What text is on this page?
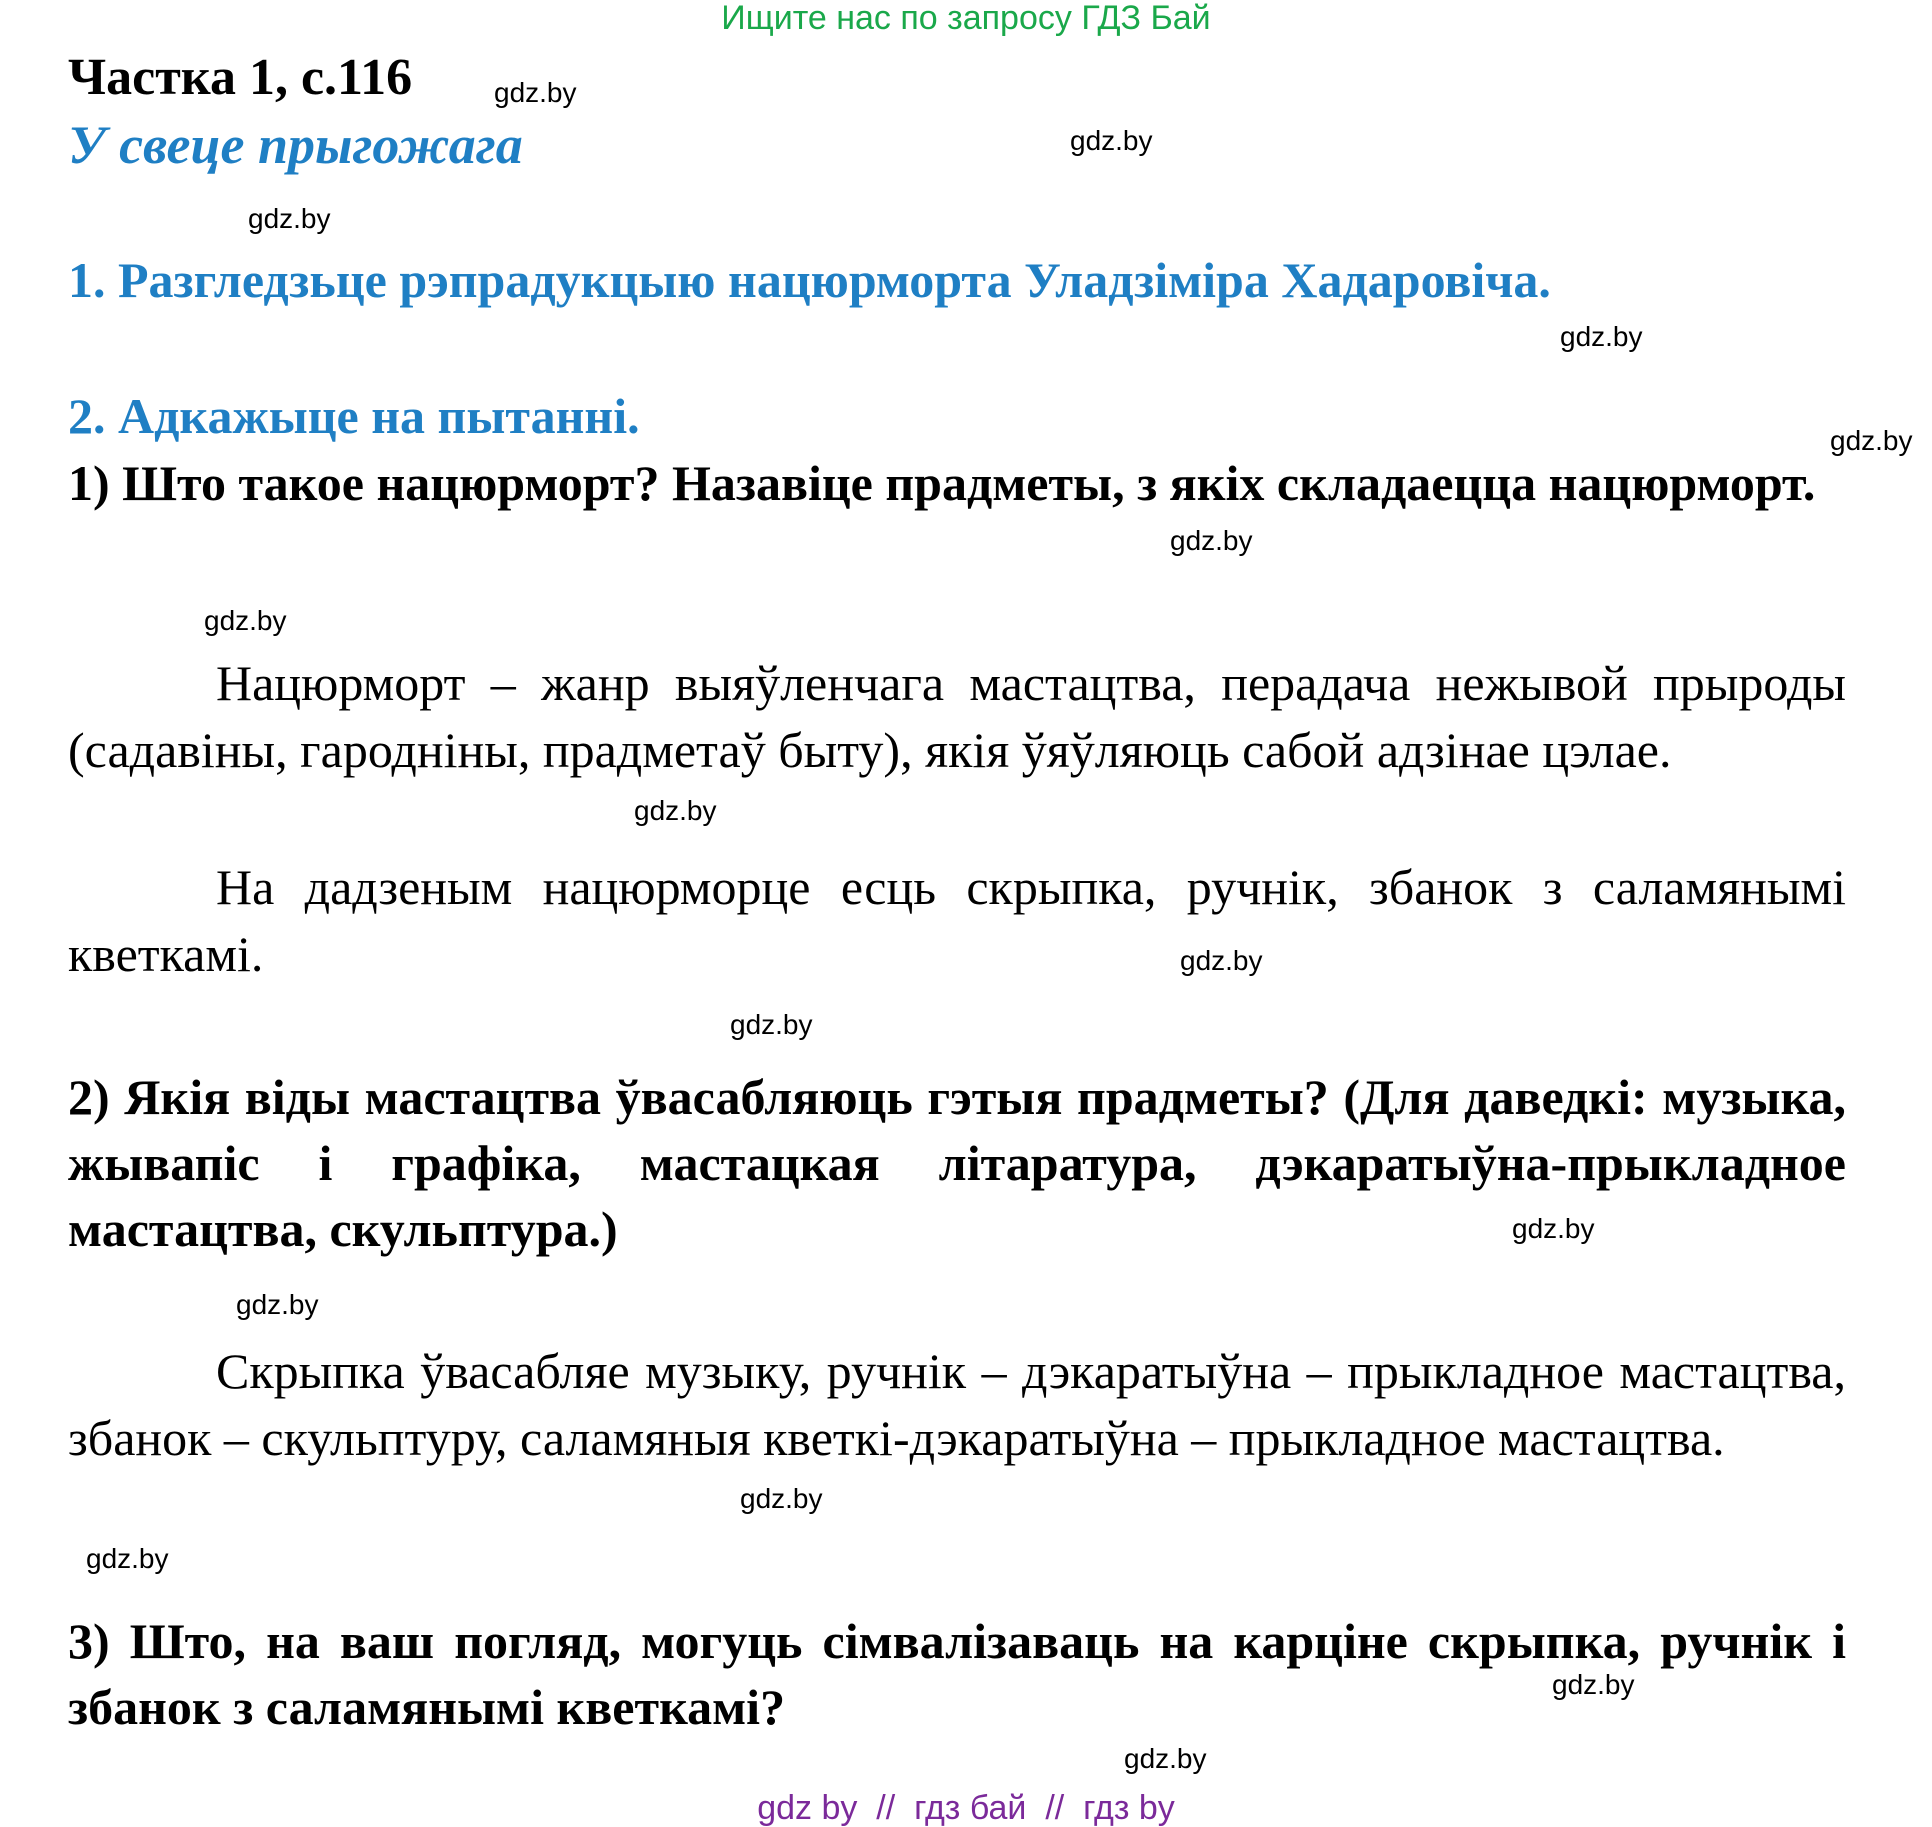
Ищите нас по запросу ГДЗ Бай
Частка 1, с.116
У свеце прыгожага
1. Разгледзьце рэпрадукцыю нацюрморта Уладзіміра Хадаровіча.
2. Адкажыце на пытанні.
1) Што такое нацюрморт? Назавіце прадметы, з якіх складаецца нацюрморт.
Нацюрморт – жанр выяўленчага мастацтва, перадача нежывой прыроды (садавіны, гародніны, прадметаў быту), якія ўяўляюць сабой адзінае цэлае.
На дадзеным нацюрморце есць скрыпка, ручнік, збанок з саламянымі кветкамі.
2) Якія віды мастацтва ўвасабляюць гэтыя прадметы? (Для даведкі: музыка, жывапіс і графіка, мастацкая літаратура, дэкаратыўна-прыкладное мастацтва, скульптура.)
Скрыпка ўвасабляе музыку, ручнік – дэкаратыўна – прыкладное мастацтва, збанок – скульптуру, саламяныя кветкі-дэкаратыўна – прыкладное мастацтва.
3) Што, на ваш погляд, могуць сімвалізаваць на карціне скрыпка, ручнік і збанок з саламянымі кветкамі?
gdz.by
gdz.by
gdz.by
gdz.by
gdz.by
gdz.by
gdz.by
gdz.by
gdz.by
gdz.by
gdz.by
gdz.by
gdz.by
gdz.by
gdz.by
gdz.by
gdz by  //  гдз бай  //  гдз by
